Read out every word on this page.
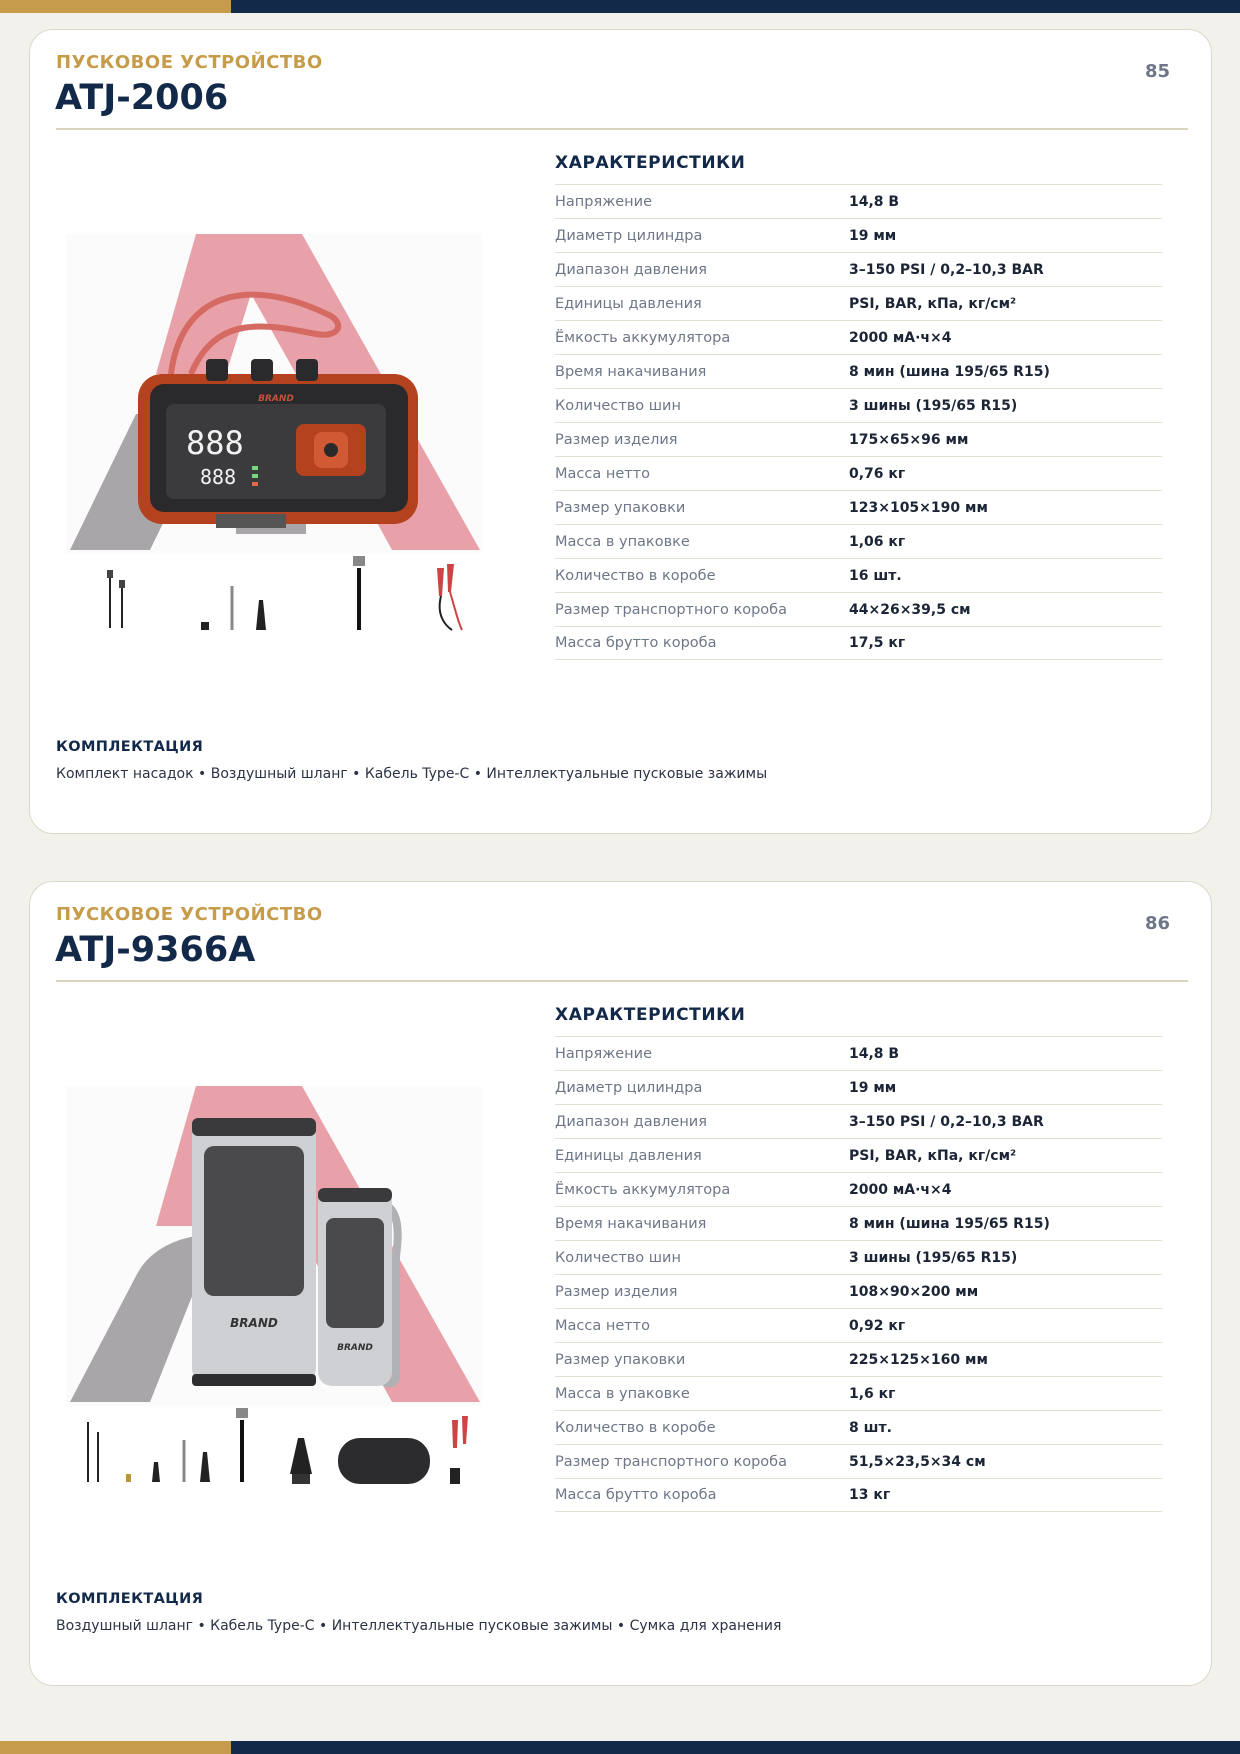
ПУСКОВОЕ УСТРОЙСТВО
ATJ-2006
85
BRAND
888
888
ХАРАКТЕРИСТИКИ
Напряжение	14,8 В
Диаметр цилиндра	19 мм
Диапазон давления	3–150 PSI / 0,2–10,3 BAR
Единицы давления	PSI, BAR, кПа, кг/см²
Ёмкость аккумулятора	2000 мА·ч×4
Время накачивания	8 мин (шина 195/65 R15)
Количество шин	3 шины (195/65 R15)
Размер изделия	175×65×96 мм
Масса нетто	0,76 кг
Размер упаковки	123×105×190 мм
Масса в упаковке	1,06 кг
Количество в коробе	16 шт.
Размер транспортного короба	44×26×39,5 см
Масса брутто короба	17,5 кг
КОМПЛЕКТАЦИЯ
Комплект насадок • Воздушный шланг • Кабель Type-C • Интеллектуальные пусковые зажимы
ПУСКОВОЕ УСТРОЙСТВО
ATJ-9366A
86
BRAND
BRAND
ХАРАКТЕРИСТИКИ
Напряжение	14,8 В
Диаметр цилиндра	19 мм
Диапазон давления	3–150 PSI / 0,2–10,3 BAR
Единицы давления	PSI, BAR, кПа, кг/см²
Ёмкость аккумулятора	2000 мА·ч×4
Время накачивания	8 мин (шина 195/65 R15)
Количество шин	3 шины (195/65 R15)
Размер изделия	108×90×200 мм
Масса нетто	0,92 кг
Размер упаковки	225×125×160 мм
Масса в упаковке	1,6 кг
Количество в коробе	8 шт.
Размер транспортного короба	51,5×23,5×34 см
Масса брутто короба	13 кг
КОМПЛЕКТАЦИЯ
Воздушный шланг • Кабель Type-C • Интеллектуальные пусковые зажимы • Сумка для хранения
